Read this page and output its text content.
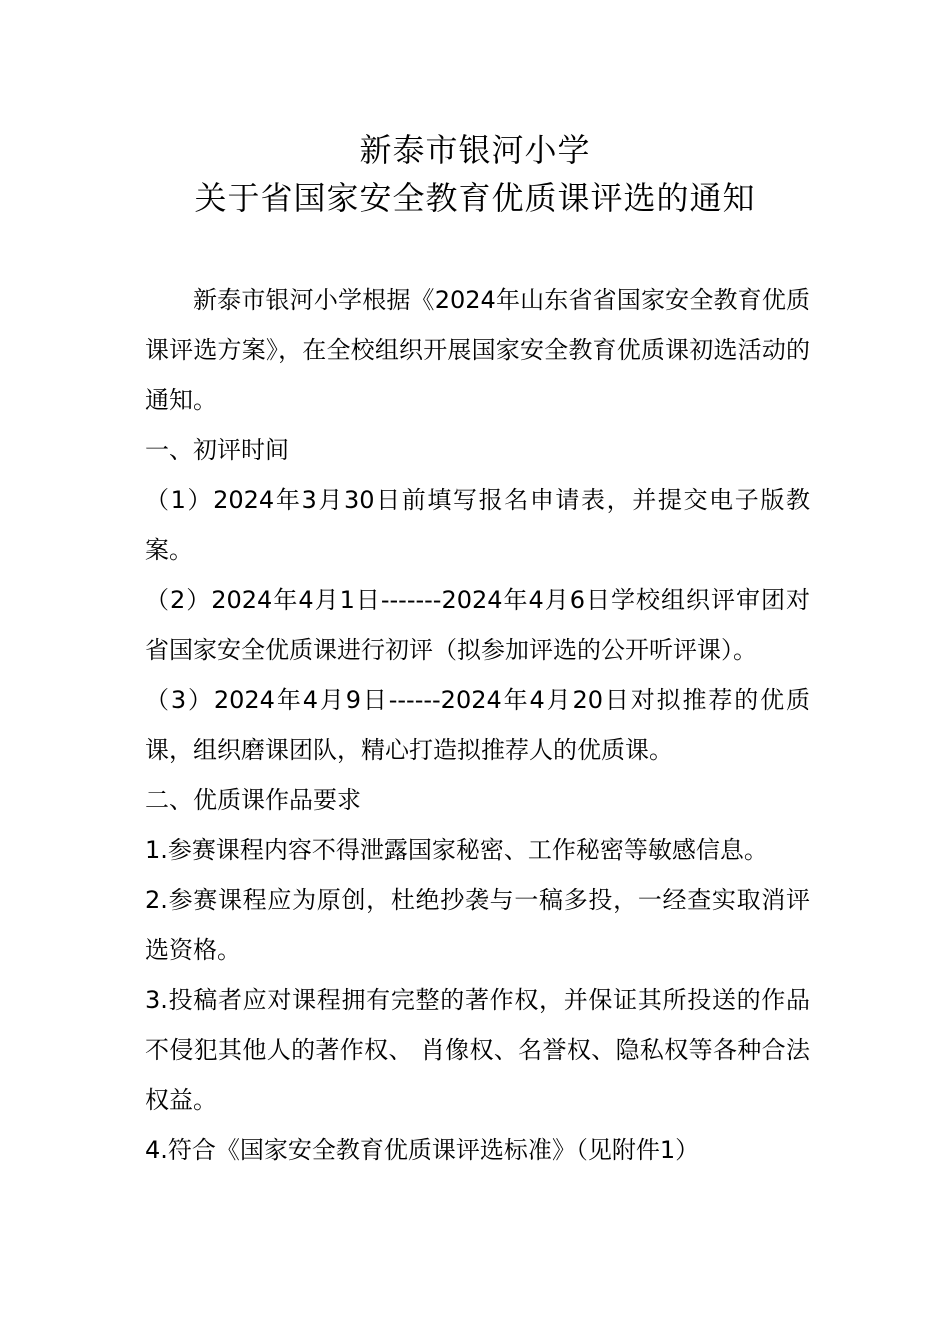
新泰市银河小学
关于省国家安全教育优质课评选的通知

新泰市银河小学根据《2024年山东省省国家安全教育优质课评选方案》，在全校组织开展国家安全教育优质课初选活动的通知。

一、初评时间

（1）2024年3月30日前填写报名申请表，并提交电子版教案。

（2）2024年4月1日-------2024年4月6日学校组织评审团对省国家安全优质课进行初评（拟参加评选的公开听评课）。

（3）2024年4月9日------2024年4月20日对拟推荐的优质课，组织磨课团队，精心打造拟推荐人的优质课。

二、优质课作品要求

1.参赛课程内容不得泄露国家秘密、工作秘密等敏感信息。

2.参赛课程应为原创，杜绝抄袭与一稿多投，一经查实取消评选资格。

3.投稿者应对课程拥有完整的著作权，并保证其所投送的作品不侵犯其他人的著作权、 肖像权、名誉权、隐私权等各种合法权益。

4.符合《国家安全教育优质课评选标准》（见附件1）
